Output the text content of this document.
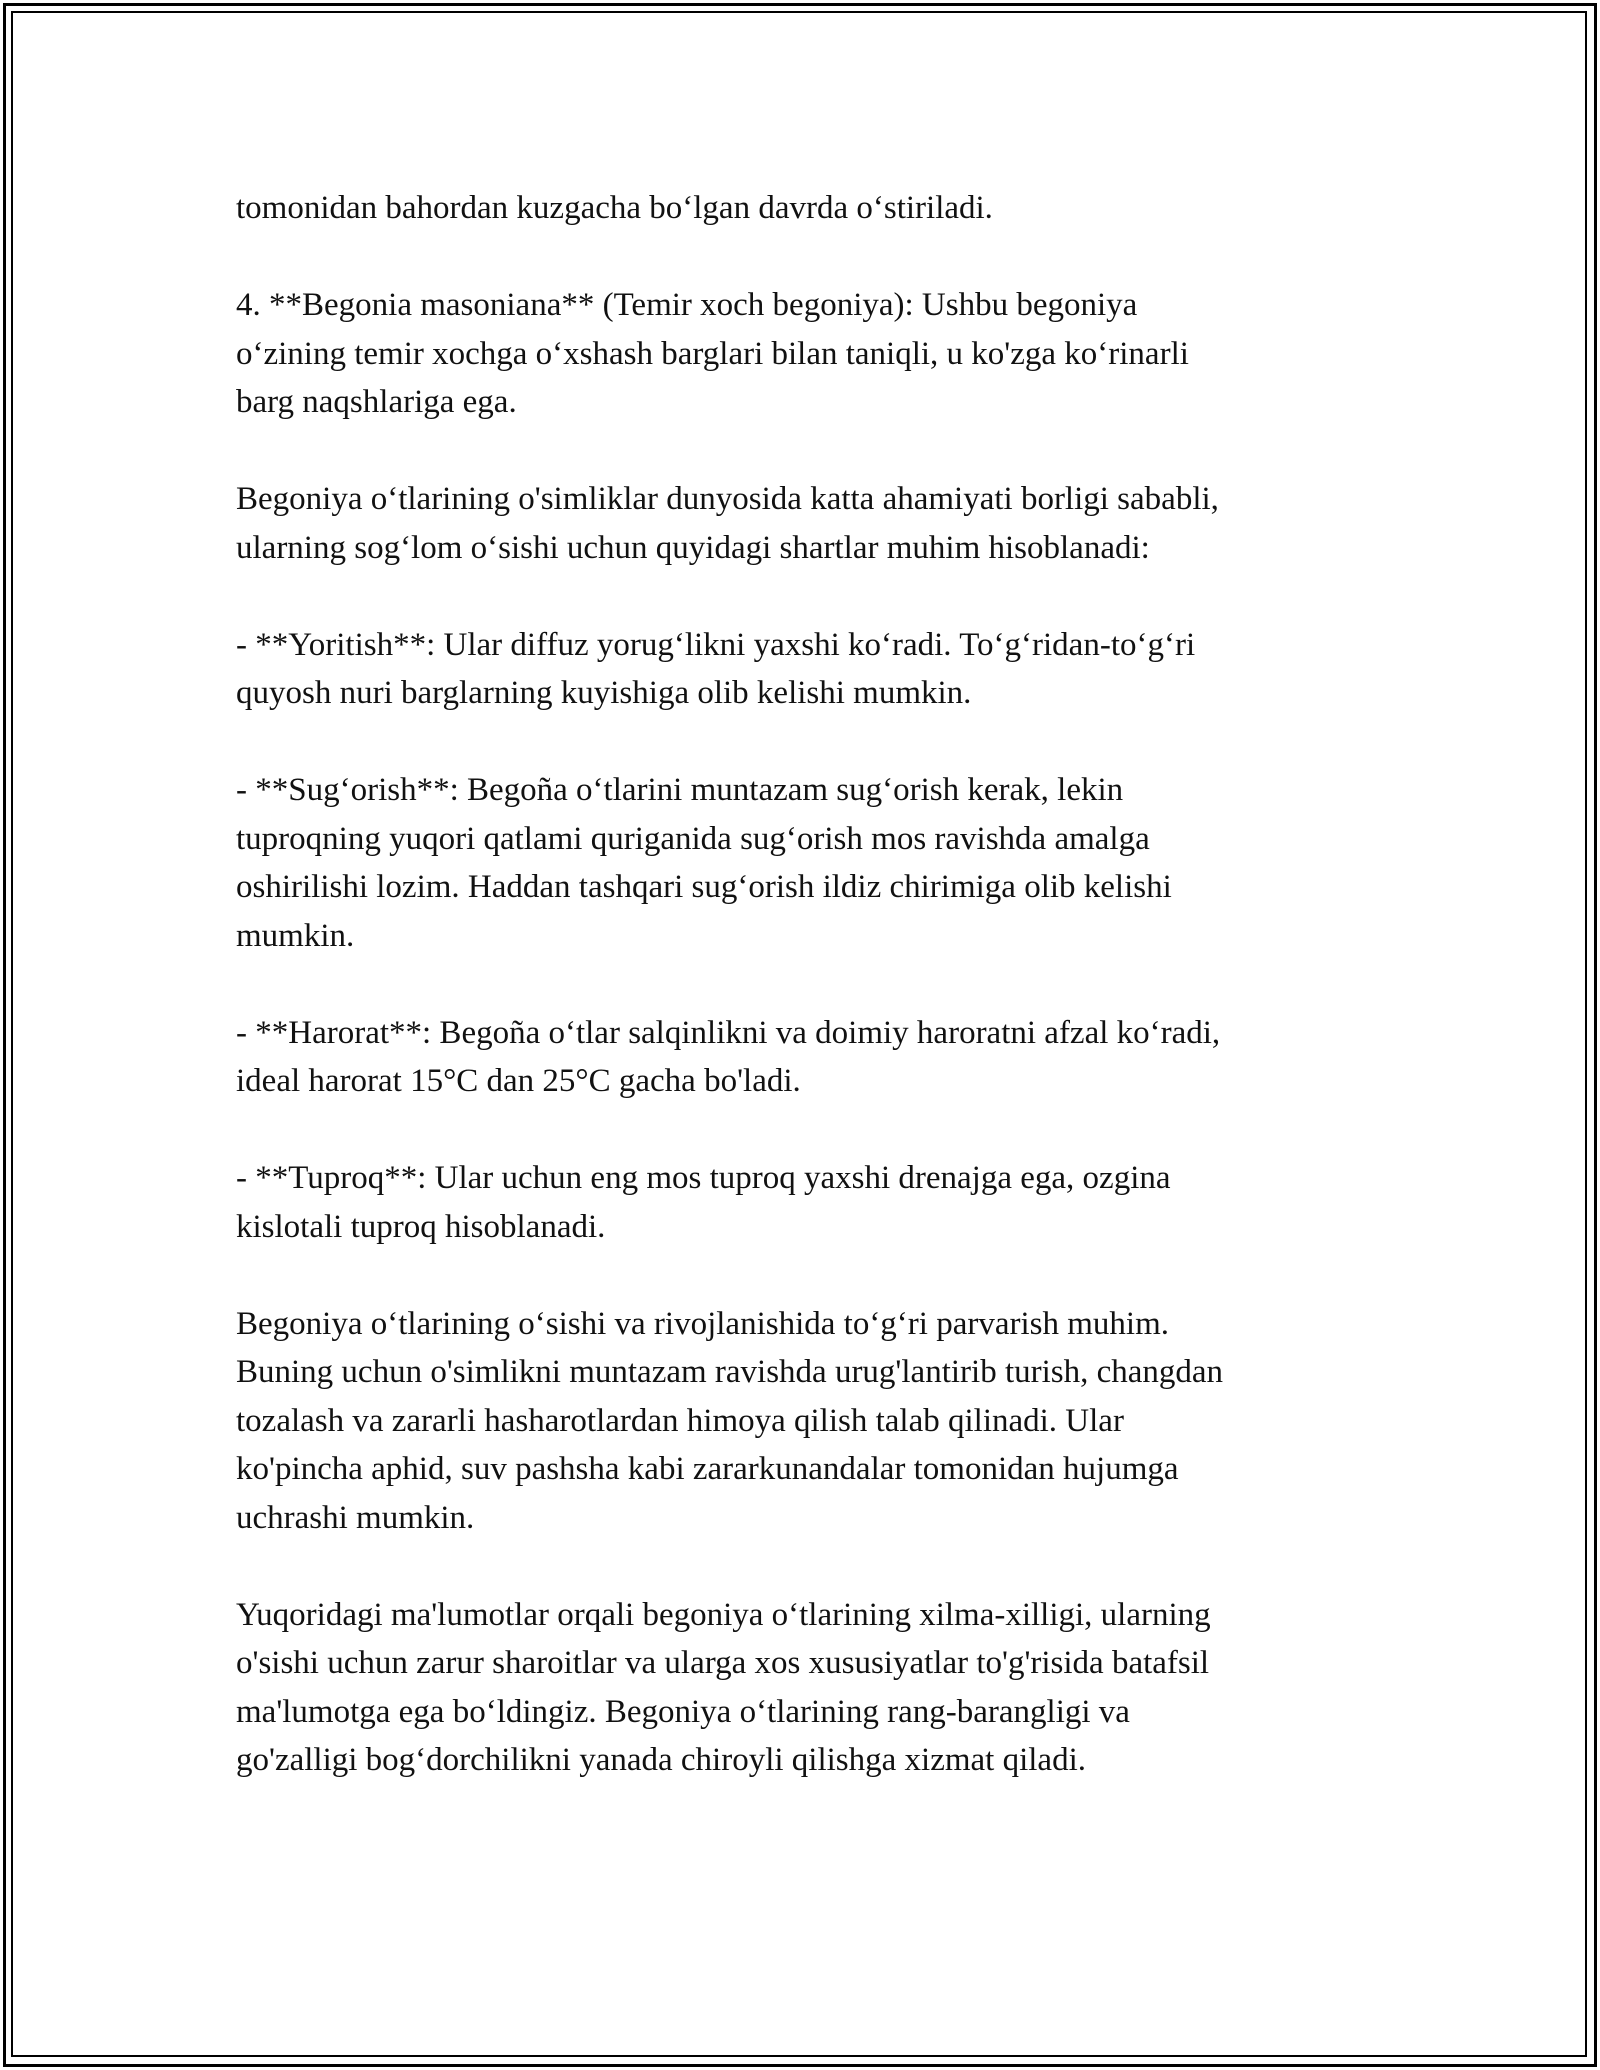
tomonidan bahordan kuzgacha bo‘lgan davrda o‘stiriladi.

4. **Begonia masoniana** (Temir xoch begoniya): Ushbu begoniya
o‘zining temir xochga o‘xshash barglari bilan taniqli, u ko'zga ko‘rinarli
barg naqshlariga ega.

Begoniya o‘tlarining o'simliklar dunyosida katta ahamiyati borligi sababli,
ularning sog‘lom o‘sishi uchun quyidagi shartlar muhim hisoblanadi:

- **Yoritish**: Ular diffuz yorug‘likni yaxshi ko‘radi. To‘g‘ridan-to‘g‘ri
quyosh nuri barglarning kuyishiga olib kelishi mumkin.

- **Sug‘orish**: Begoña o‘tlarini muntazam sug‘orish kerak, lekin
tuproqning yuqori qatlami quriganida sug‘orish mos ravishda amalga
oshirilishi lozim. Haddan tashqari sug‘orish ildiz chirimiga olib kelishi
mumkin.

- **Harorat**: Begoña o‘tlar salqinlikni va doimiy haroratni afzal ko‘radi,
ideal harorat 15°C dan 25°C gacha bo'ladi.

- **Tuproq**: Ular uchun eng mos tuproq yaxshi drenajga ega, ozgina
kislotali tuproq hisoblanadi.

Begoniya o‘tlarining o‘sishi va rivojlanishida to‘g‘ri parvarish muhim.
Buning uchun o'simlikni muntazam ravishda urug'lantirib turish, changdan
tozalash va zararli hasharotlardan himoya qilish talab qilinadi. Ular
ko'pincha aphid, suv pashsha kabi zararkunandalar tomonidan hujumga
uchrashi mumkin.

Yuqoridagi ma'lumotlar orqali begoniya o‘tlarining xilma-xilligi, ularning
o'sishi uchun zarur sharoitlar va ularga xos xususiyatlar to'g'risida batafsil
ma'lumotga ega bo‘ldingiz. Begoniya o‘tlarining rang-barangligi va
go'zalligi bog‘dorchilikni yanada chiroyli qilishga xizmat qiladi.
